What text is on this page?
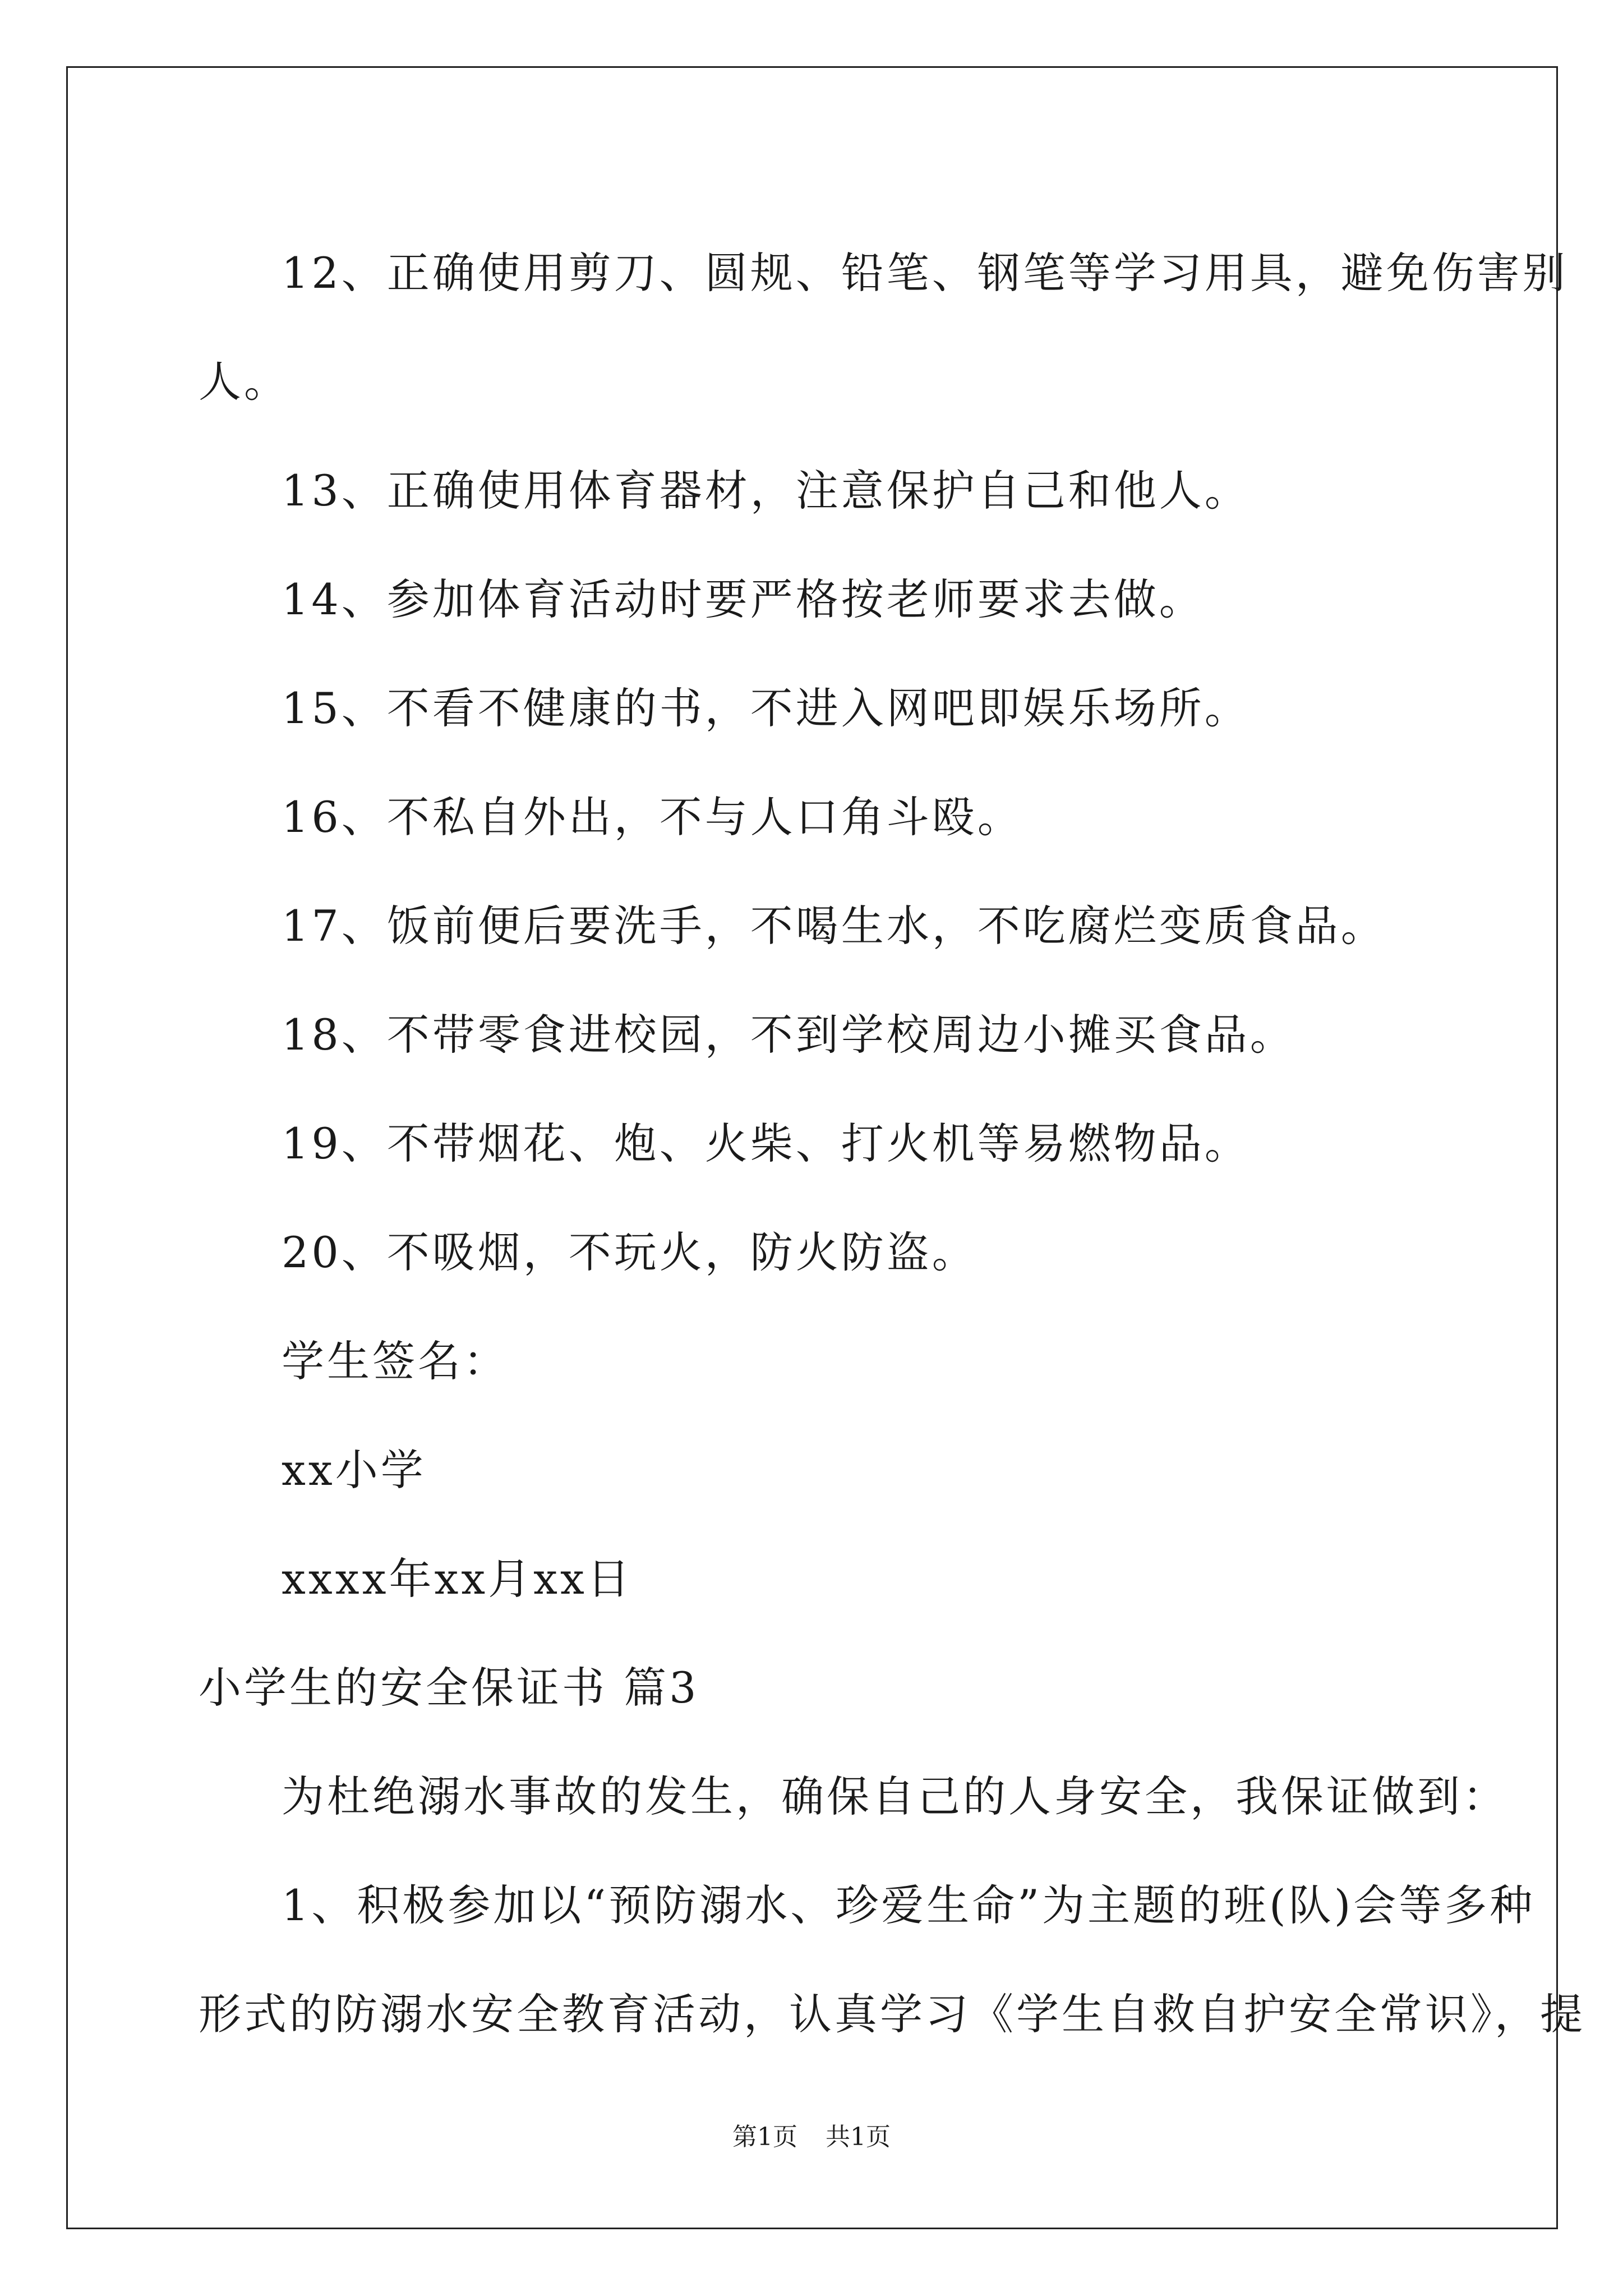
12、正确使用剪刀、圆规、铅笔、钢笔等学习用具，避免伤害别

人。

13、正确使用体育器材，注意保护自己和他人。

14、参加体育活动时要严格按老师要求去做。

15、不看不健康的书，不进入网吧即娱乐场所。

16、不私自外出，不与人口角斗殴。

17、饭前便后要洗手，不喝生水，不吃腐烂变质食品。

18、不带零食进校园，不到学校周边小摊买食品。

19、不带烟花、炮、火柴、打火机等易燃物品。

20、不吸烟，不玩火，防火防盗。

学生签名：

xx小学

xxxx年xx月xx日

小学生的安全保证书 篇3

为杜绝溺水事故的发生，确保自己的人身安全，我保证做到：

1、积极参加以“预防溺水、珍爱生命”为主题的班(队)会等多种

形式的防溺水安全教育活动，认真学习《学生自救自护安全常识》，提

第1页 共1页
